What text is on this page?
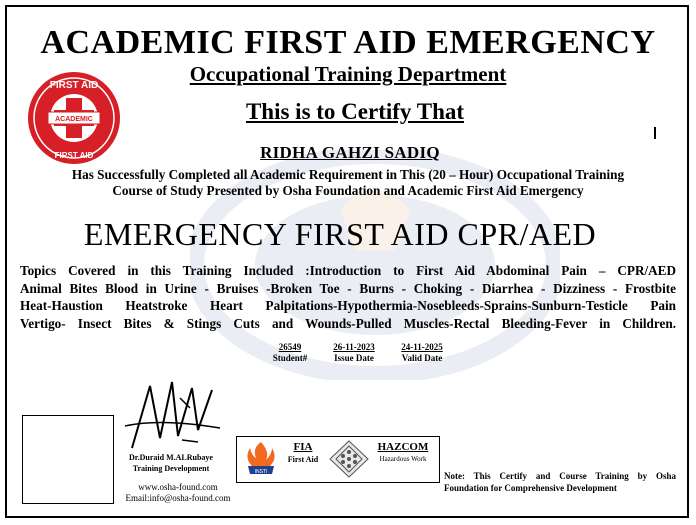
ACADEMIC
FIRST AID
FIRST AID
ACADEMIC FIRST AID EMERGENCY
Occupational Training Department
This is to Certify That
RIDHA GAHZI SADIQ
Has Successfully Completed all Academic Requirement in This (20 – Hour) Occupational Training
Course of Study Presented by Osha Foundation and Academic First Aid Emergency
EMERGENCY FIRST AID CPR/AED
Topics Covered in this Training Included :Introduction to First Aid Abdominal Pain – CPR/AED
Animal Bites Blood in Urine - Bruises -Broken Toe - Burns - Choking - Diarrhea - Dizziness - Frostbite
Heat-Haustion Heatstroke Heart Palpitations-Hypothermia-Nosebleeds-Sprains-Sunburn-Testicle Pain
Vertigo- Insect Bites & Stings Cuts and Wounds-Pulled Muscles-Rectal Bleeding-Fever in Children.
26549
Student#
26-11-2023
Issue Date
24-11-2025
Valid Date
Dr.Duraid M.ALRubaye
Training Development
www.osha-found.com
Email:info@osha-found.com
INSTI
FIA
First Aid
HAZCOM
Hazardous Work
Note: This Certify and Course Training by Osha Foundation for Comprehensive Development
